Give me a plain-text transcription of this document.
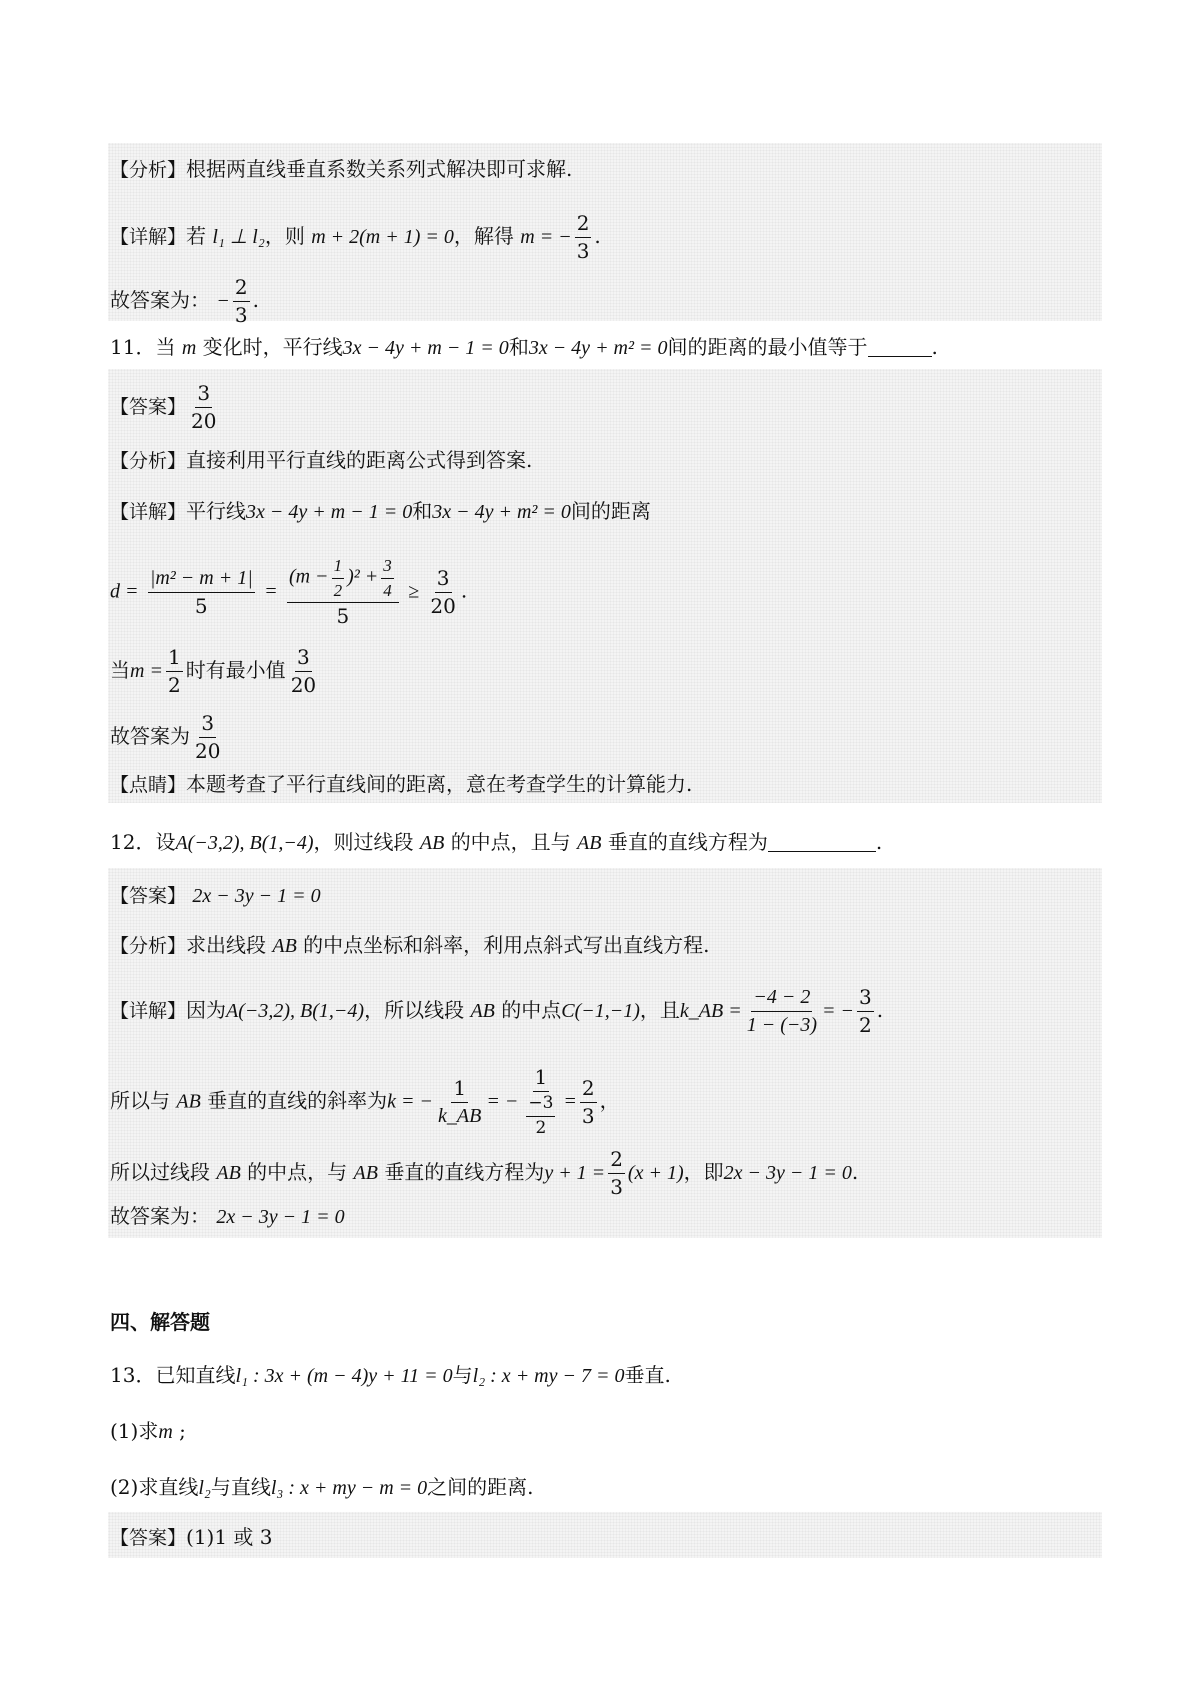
【分析】根据两直线垂直系数关系列式解决即可求解.
【详解】若 l₁ ⊥ l₂，则 m + 2(m + 1) = 0，解得 m = − $\frac{2}{3}$ .
故答案为： − $\frac{2}{3}$ .
11．当 m 变化时，平行线3x − 4y + m − 1 = 0和3x − 4y + m² = 0间的距离的最小值等于	.
【答案】 $\frac{3}{20}$
【分析】直接利用平行直线的距离公式得到答案.
【详解】平行线3x − 4y + m − 1 = 0和3x − 4y + m² = 0间的距离
$d = \frac{\text{|m² − m + 1|}}{5} = \frac{(m - \frac{1}{2} )^2 + \frac{3}{4}}{5} \ge \frac{3}{20}$ .
当$m = \frac{1}{2}$ 时有最小值 $\frac{3}{20}$
故答案为 $\frac{3}{20}$
【点睛】本题考查了平行直线间的距离，意在考查学生的计算能力.
12．设A(−3,2), B(1,−4)，则过线段 AB 的中点，且与 AB 垂直的直线方程为	.
【答案】 2x − 3y − 1 = 0
【分析】求出线段 AB 的中点坐标和斜率，利用点斜式写出直线方程.
【详解】因为A(−3,2), B(1,−4)，所以线段 AB 的中点C(−1,−1)，且k_AB = $\frac{-4 - 2}{1 - (-3)}$ = − $\frac{3}{2}$ .
所以与 AB 垂直的直线的斜率为k = − $\frac{1}{k\_AB}$ = − $\frac{1}{\frac{-3}{2}} = \frac{2}{3}$ ，
所以过线段 AB 的中点，与 AB 垂直的直线方程为$y + 1 = \frac{2}{3} (x + 1)$，即2x − 3y − 1 = 0.
故答案为： 2x − 3y − 1 = 0
四、解答题
13．已知直线l₁ : 3x + (m − 4)y + 11 = 0与l₂ : x + my − 7 = 0垂直.
(1)求m ;
(2)求直线l₂与直线l₃ : x + my − m = 0之间的距离.
【答案】(1)1 或 3
